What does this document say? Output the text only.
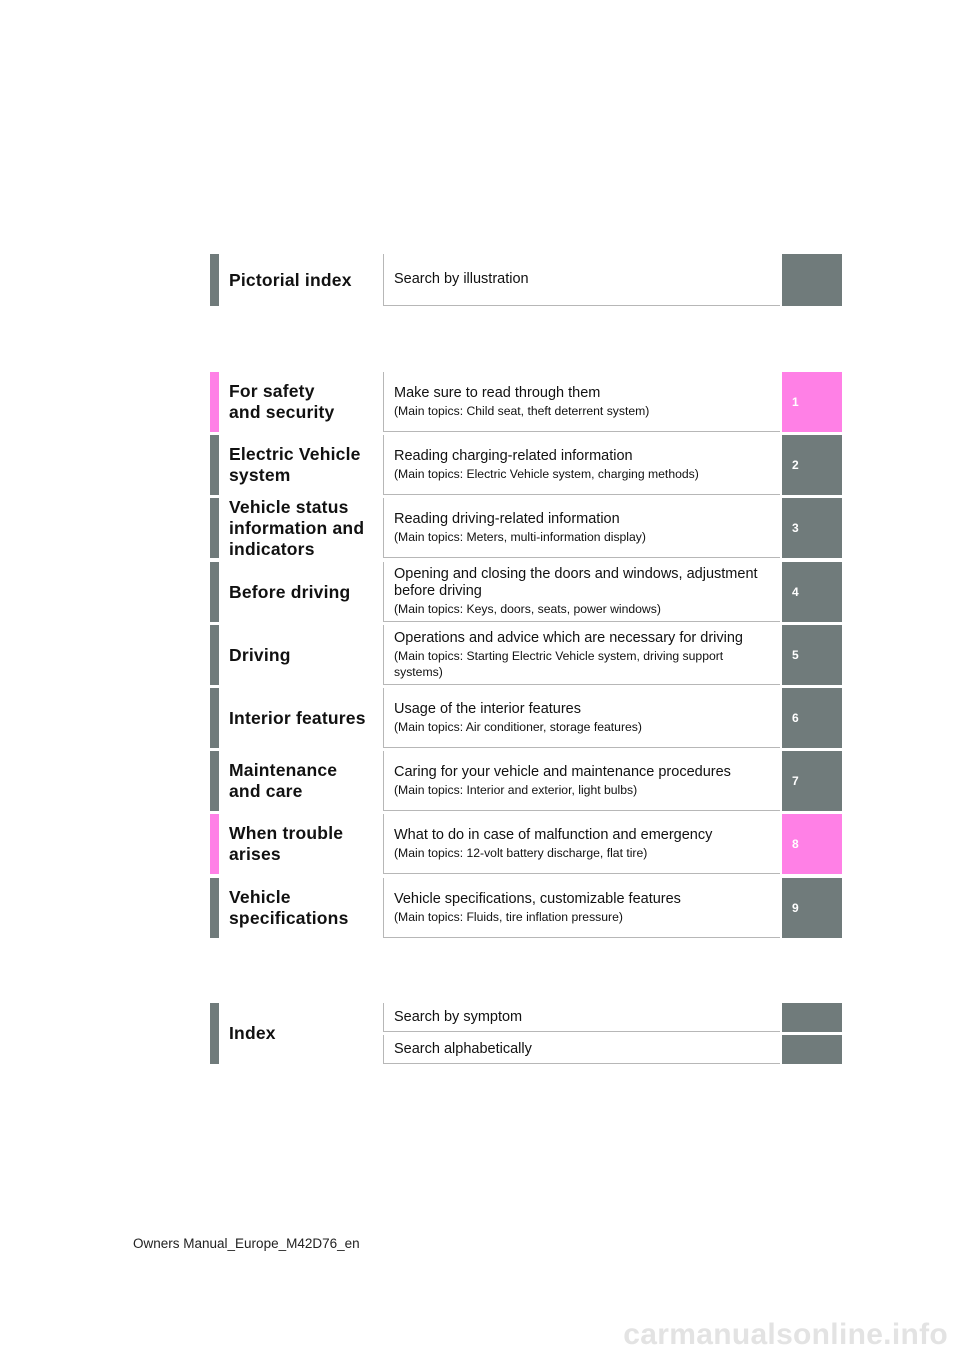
Pictorial index	Search by illustration
For safety
and security
Make sure to read through them
(Main topics: Child seat, theft deterrent system)
1
Electric Vehicle
system
Reading charging-related information
(Main topics: Electric Vehicle system, charging methods)
2
Vehicle status
information and
indicators
Reading driving-related information
(Main topics: Meters, multi-information display)
3
Before driving
Opening and closing the doors and windows, adjustment before driving
(Main topics: Keys, doors, seats, power windows)
4
Driving
Operations and advice which are necessary for driving
(Main topics: Starting Electric Vehicle system, driving support systems)
5
Interior features Usage of the interior features
(Main topics: Air conditioner, storage features)
6
Maintenance
and care
Caring for your vehicle and maintenance procedures
(Main topics: Interior and exterior, light bulbs)
7
When trouble
arises
What to do in case of malfunction and emergency
(Main topics: 12-volt battery discharge, flat tire)
8
Vehicle
specifications
Vehicle specifications, customizable features
(Main topics: Fluids, tire inflation pressure)
9
Index
Search by symptom
Search alphabetically
Owners Manual_Europe_M42D76_en
carmanualsonline.info
